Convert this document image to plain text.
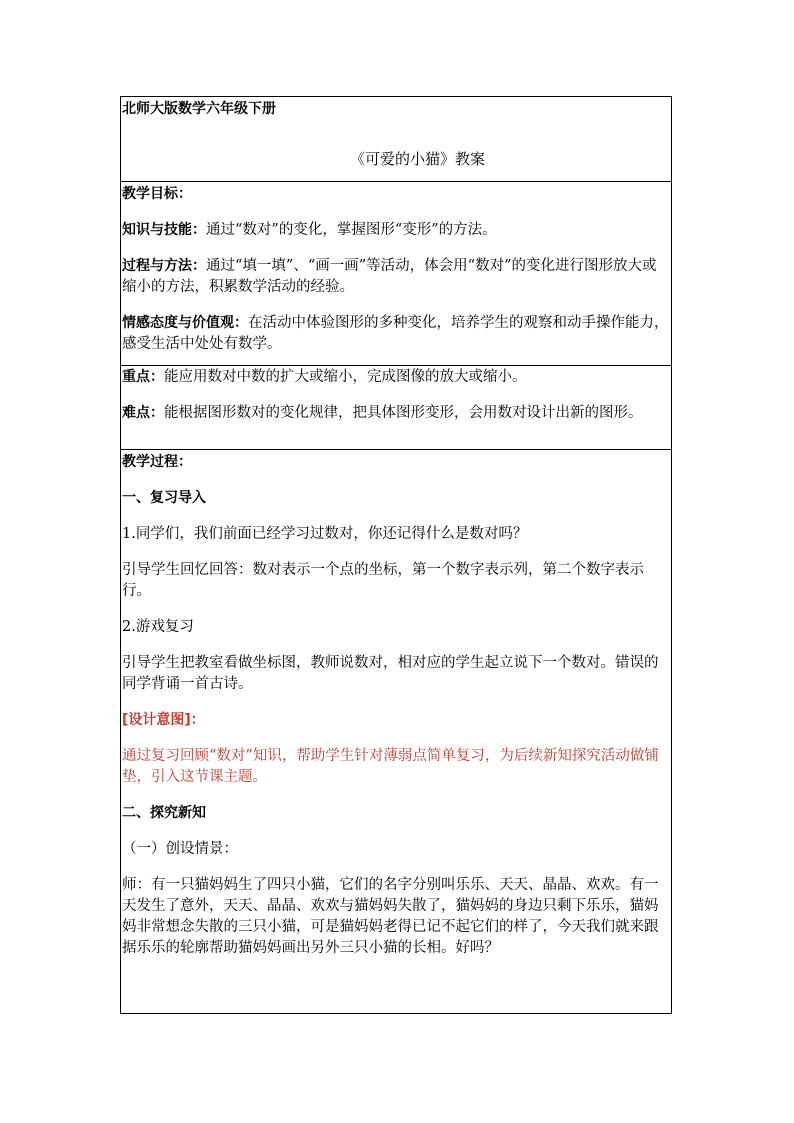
北师大版数学六年级下册

《可爱的小猫》教案

教学目标：

知识与技能：通过“数对”的变化，掌握图形“变形”的方法。

过程与方法：通过“填一填”、“画一画”等活动，体会用“数对”的变化进行图形放大或缩小的方法，积累数学活动的经验。

情感态度与价值观：在活动中体验图形的多种变化，培养学生的观察和动手操作能力，感受生活中处处有数学。

重点：能应用数对中数的扩大或缩小，完成图像的放大或缩小。

难点：能根据图形数对的变化规律，把具体图形变形，会用数对设计出新的图形。

教学过程：

一、复习导入

1.同学们，我们前面已经学习过数对，你还记得什么是数对吗？

引导学生回忆回答：数对表示一个点的坐标，第一个数字表示列，第二个数字表示行。

2.游戏复习

引导学生把教室看做坐标图，教师说数对，相对应的学生起立说下一个数对。错误的同学背诵一首古诗。

[设计意图]：

通过复习回顾“数对”知识，帮助学生针对薄弱点简单复习，为后续新知探究活动做铺垫，引入这节课主题。

二、探究新知

（一）创设情景：

师：有一只猫妈妈生了四只小猫，它们的名字分别叫乐乐、天天、晶晶、欢欢。有一天发生了意外，天天、晶晶、欢欢与猫妈妈失散了，猫妈妈的身边只剩下乐乐，猫妈妈非常想念失散的三只小猫，可是猫妈妈老得已记不起它们的样了，今天我们就来跟据乐乐的轮廓帮助猫妈妈画出另外三只小猫的长相。好吗？
